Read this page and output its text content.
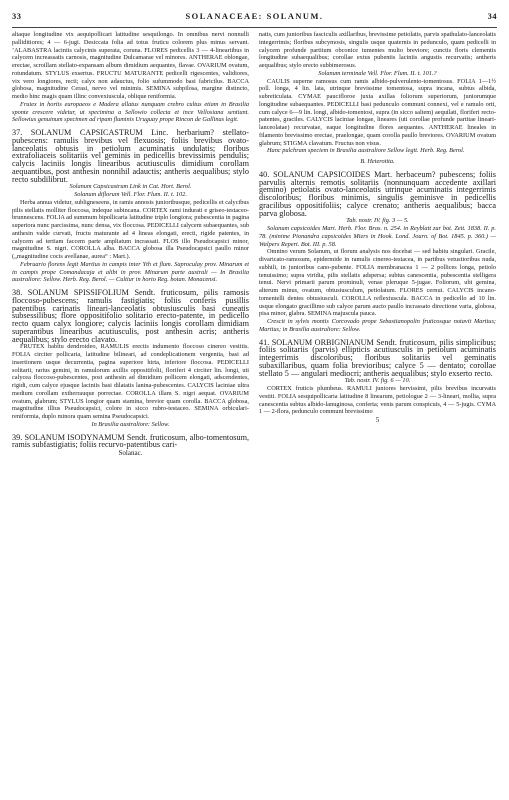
33	SOLANACEAE: SOLANUM.	34

altaque longitudine vix aequipollicari latitudine sesquilongo. In omnibus nervi nonnulli palliditiores; 4 — 6-jugi. Desiccata folia ad totus fruticu colorem plus minus servant. ’ALABASTRA laciniis calycinis superata, coruna. FLORES pedicellis 3 — 4-lineariibus in calycem increassatis carnosis, magnitudine Dulcamarae vel minores. ANTHERAE oblongae, erectae, scroillam stellato-expansam album dimidium aequantes, flavae. OVARIUM ovatum, rotundatum. STYLUS exsertus. FRUCTU MATURANTE pedicelli rigescentes, validiores, vix vero longiores, recti; calyx non adauctus, folio sufummodo basi fabricilus. BACCA globosa, magnitudine Cerasi, nervo vel minimis. SEMINA subpilosa, margine distincto, medio hinc magis quam illinc convexiuscula, oblique reniformia.

Frutex in hortis europaeos e Madera allatus nunquam crebro cultus etiam in Brasilia sponte crescere videtur, ut specimina a Sellowio collecta et ince Vellosiana sentiunt. Sellowius genuinum specimen ad ripam fluminis Uruguay prope Rincon de Gallinas legit.

37. SOLANUM CAPSICASTRUM Linc. herbarium? stellato-pubescens: ramulis brevibus vel flexuosis; foliis brevibus ovato-lanceolatis obtusis in petiolum acuminatis undulatis; floribus extrafoliaceis solitariis vel geminis in pedicellis brevissimis pendulis; calycis laciniis longis linearibus acutiusculis dimidium corollam aequantibus, post anthesin nonnihil adauctis; antheris aequalibus; stylo recto subdilibrut.

Solanum Capsicastrum Link in Cat. Hort. Berol.

Solanum diflorum Vell. Flor. Flum. II. t. 102.

Herba annua videtur, subligneseens, in ramis annosis juniortbusque, pedicellis et calycibus pilis stellatis molliter floccosa, indeque subincana. CORTEX rami indurati e griseo-testaceo-brunnescens. FOLIA ad summum bipollicaria latitudine triplo longiora; pubescentia in pagina superiora nunc parcissima, nunc densa, vix floccosa. PEDICELLI calycem subaequantes, sub anthesin valde curvati, fructu maturante ad 4 lineas elongati, erecti, rigide patentes, in calycem ad tertiam faccem parte ampliatum incrassati. FLOS illo Pseudocapsici minor, magnitudine S. nigri. COROLLA alba. BACCA globosa illa Pseudocapsici paullo minor („magnitudine cocis avellanae, aurea“ : Mart.).

Februario florens legit Martius in campis inter Yth et flum. Saproculay prov. Minarum et in campis prope Comandacaja et alibi in prov. Minarum parte australi — In Brasilia australiore: Sellow. Herb. Reg. Berol. — Cultiur in horto Reg. botan. Monacensi.

38. SOLANUM SPISSIFOLIUM Sendt. fruticosum, pilis ramosis floccoso-pubescens; ramulis fastigiatis; foliis conferis pusillis patentibus carinatis lineari-lanceolatis obtusiusculis basi cuneatis subsessilibus; flore oppositifolio solitario erecto-patente, in pedicello recto quam calyx longiore; calycis laciniis longis corollam dimidiam superantibus linearibus acutiusculis, post anthesin acris; antheris aequalibus; stylo erecto clavato.

FRUTEX habitu dendroideo, RAMULIS erectis indumento floccoso cinereo vestitis. FOLIA circiter pollicaria, latitudine bilineari, ad condeplicationem vergentia, basi ad insertionem usque decurrentia, pagina superiore hirta, inferiore floccosa. PEDICELLI solitarii, rarius gemini, in ramulorum axillis oppositifolii, floriferi 4 circiter lin. longi, uti calycea floccoso-pubescentes, post anthesin ad dimidium pollicem elongati, adscendentes, rigidi, cum calyce ejusque laciniis basi dilatatis lanina-pubescentes. CALYCIS laciniae ultra medium corollam extherrauque porrectae. COROLLA illam S. nigri aequat. OVARIUM ovatum, glabrum; STYLUS longior quam stamina, brevior quam corolla. BACCA globosa, magnitudine illius Pseudocapsici, colore in sicco rubro-testaceo. SEMINA orbiculari-reniformia, duplo minora quam semina Pseudocapsici.

In Brasilia australiore: Sellow.

39. SOLANUM ISODYNAMUM Sendt. fruticosum, albo-tomentosum, ramis subfastigiatis; foliis recurvo-patentibus cari-

Solanac.

natis, cum junioribus fasciculis axillaribus, brevissime petiolatis, parvis spathulato-lanceolatis integerrimis; floribus subcymosis, singulis usque quaternis in pedunculo, quam pedicelli in calycem profunde partitum obconice tumentes multo breviore; cunctis floris clementis longitudine subaequalibus; corollae extus pubentis laciniis angustis recurvatis; antheris aequalibus; stylo erecto subbimerosus.

Solanum terminale Vell. Flor. Flum. II. t. 101.?

CAULIS superne ramosus cum ramis albido-pulverulento-tomentosus. FOLIA 1—1½ poll. longa, 4 lin. lata, utrinque brevissime tomentosa, supra incana, subtus albida, subreticulata. CYMAE paucifloroe juxta axillas foliorum superiorum, juniorumque longitudine subaequantes. PEDICELLI basi pedunculo communi connexi, vel e ramulo orti, cum calyce 6—9 lin. longi, albido-tomentosi, supra (in sicco saltem) aequilati, floriferi recto-patentes, graciles. CALYCIS laciniae longae, lineares (uti corollae profunde partitae lineari-lanceolatae) recurvatae, eaque longitudine flores aequantes. ANTHERAE lineales in filamento brevissimo erectae, praelongae, quam corolla paullo breviores. OVARIUM ovatum glabrum; STIGMA clavatum. Fructus non visus.

Hanc pulchram speciem in Brasilia australiore Sellow legit. Herb. Reg. Berol.

B. Heterotita.

40. SOLANUM CAPSICOIDES Mart. herbaceum? pubescens; foliis parvulis alternis remotis solitariis (nonnunquam accedente axillari gemino) petiolatis ovato-lanceolatis utrinque acuminatis integerrimis discoloribus; floribus minimis, singulis geminisve in pedicellis gracilibus oppositifoliis; calyce crenato; antheris aequalibus; bacca parva globosa.

Tab. nostr. IV. fig. 3 — 5.

Solanum capsicoides Mart. Herb. Flor. Bras. n. 254. in Reyblatt zur bot. Zeit. 1838. II. p. 78. (minime Pionandra capsicoides Miers in Hook. Lond. Journ. of Bot. 1845. p. 360.) — Walpers Repert. Bot. III. p. 58.

Omnino verum Solanum, ut florum analysis nos docebat — sed habitu singulari. Gracile, divaricato-ramosum, epidermide in ramulis cinereo-testacea, in partibus vetustioribus nuda, subhili, in junioribus cano-pubente. FOLIA membranacea 1 — 2 pollices longa, petiolo tenuissimo; supra viridia, pilis stellatis adspersa; subtus canescentia, pubescentia stelligera tenui. Nervi primarii parum prominuli, venae pleruque 5-jugae. Foliorum, ubi gemina, alterum minus, ovatum, obtusiusculum, petiolatum. FLORES cernui. CALYCIS incano-tomentelli dentes obtusiusculi. COROLLA reflexiuscula. BACCA in pedicello ad 10 lin. usque elongato gracillimo sub calyce parum aucto paullo incrassato directione varia, globosa, pisa minor, glabra. SEMINA majuscula pauca.

Crescit in sylvis montis Corcovado prope Sebastianopolin fruticosque notavit Martius; Martius; in Brasilia australiore: Sellow.

41. SOLANUM ORBIGNIANUM Sendt. fruticosum, pilis simplicibus; foliis solitariis (parvis) ellipticis acutiusculis in petiolum acuminatis integerrimis discoloribus; floribus solitariis vel geminatis subaxillaribus, quam folia brevioribus; calyce 5 — dentato; corollae stellato 5 — angulari mediocri; antheris aequalibus; stylo exserto recto.

Tab. nostr. IV. fig. 6 — 10.

CORTEX fruticis plumbeus. RAMULI juniores hervissimi, pilis brevibus incurvatis vestiti. FOLIA sesquipollicaria latitudine 8 linearum, petiologue 2 — 3-lineari, mollia, supra canescentia subtus albido-lanuginosa, conferta; venis parum conspicuis, 4 — 5-jugis. CYMA 1 — 2-flora, pedunculo communi brevissimo

5
